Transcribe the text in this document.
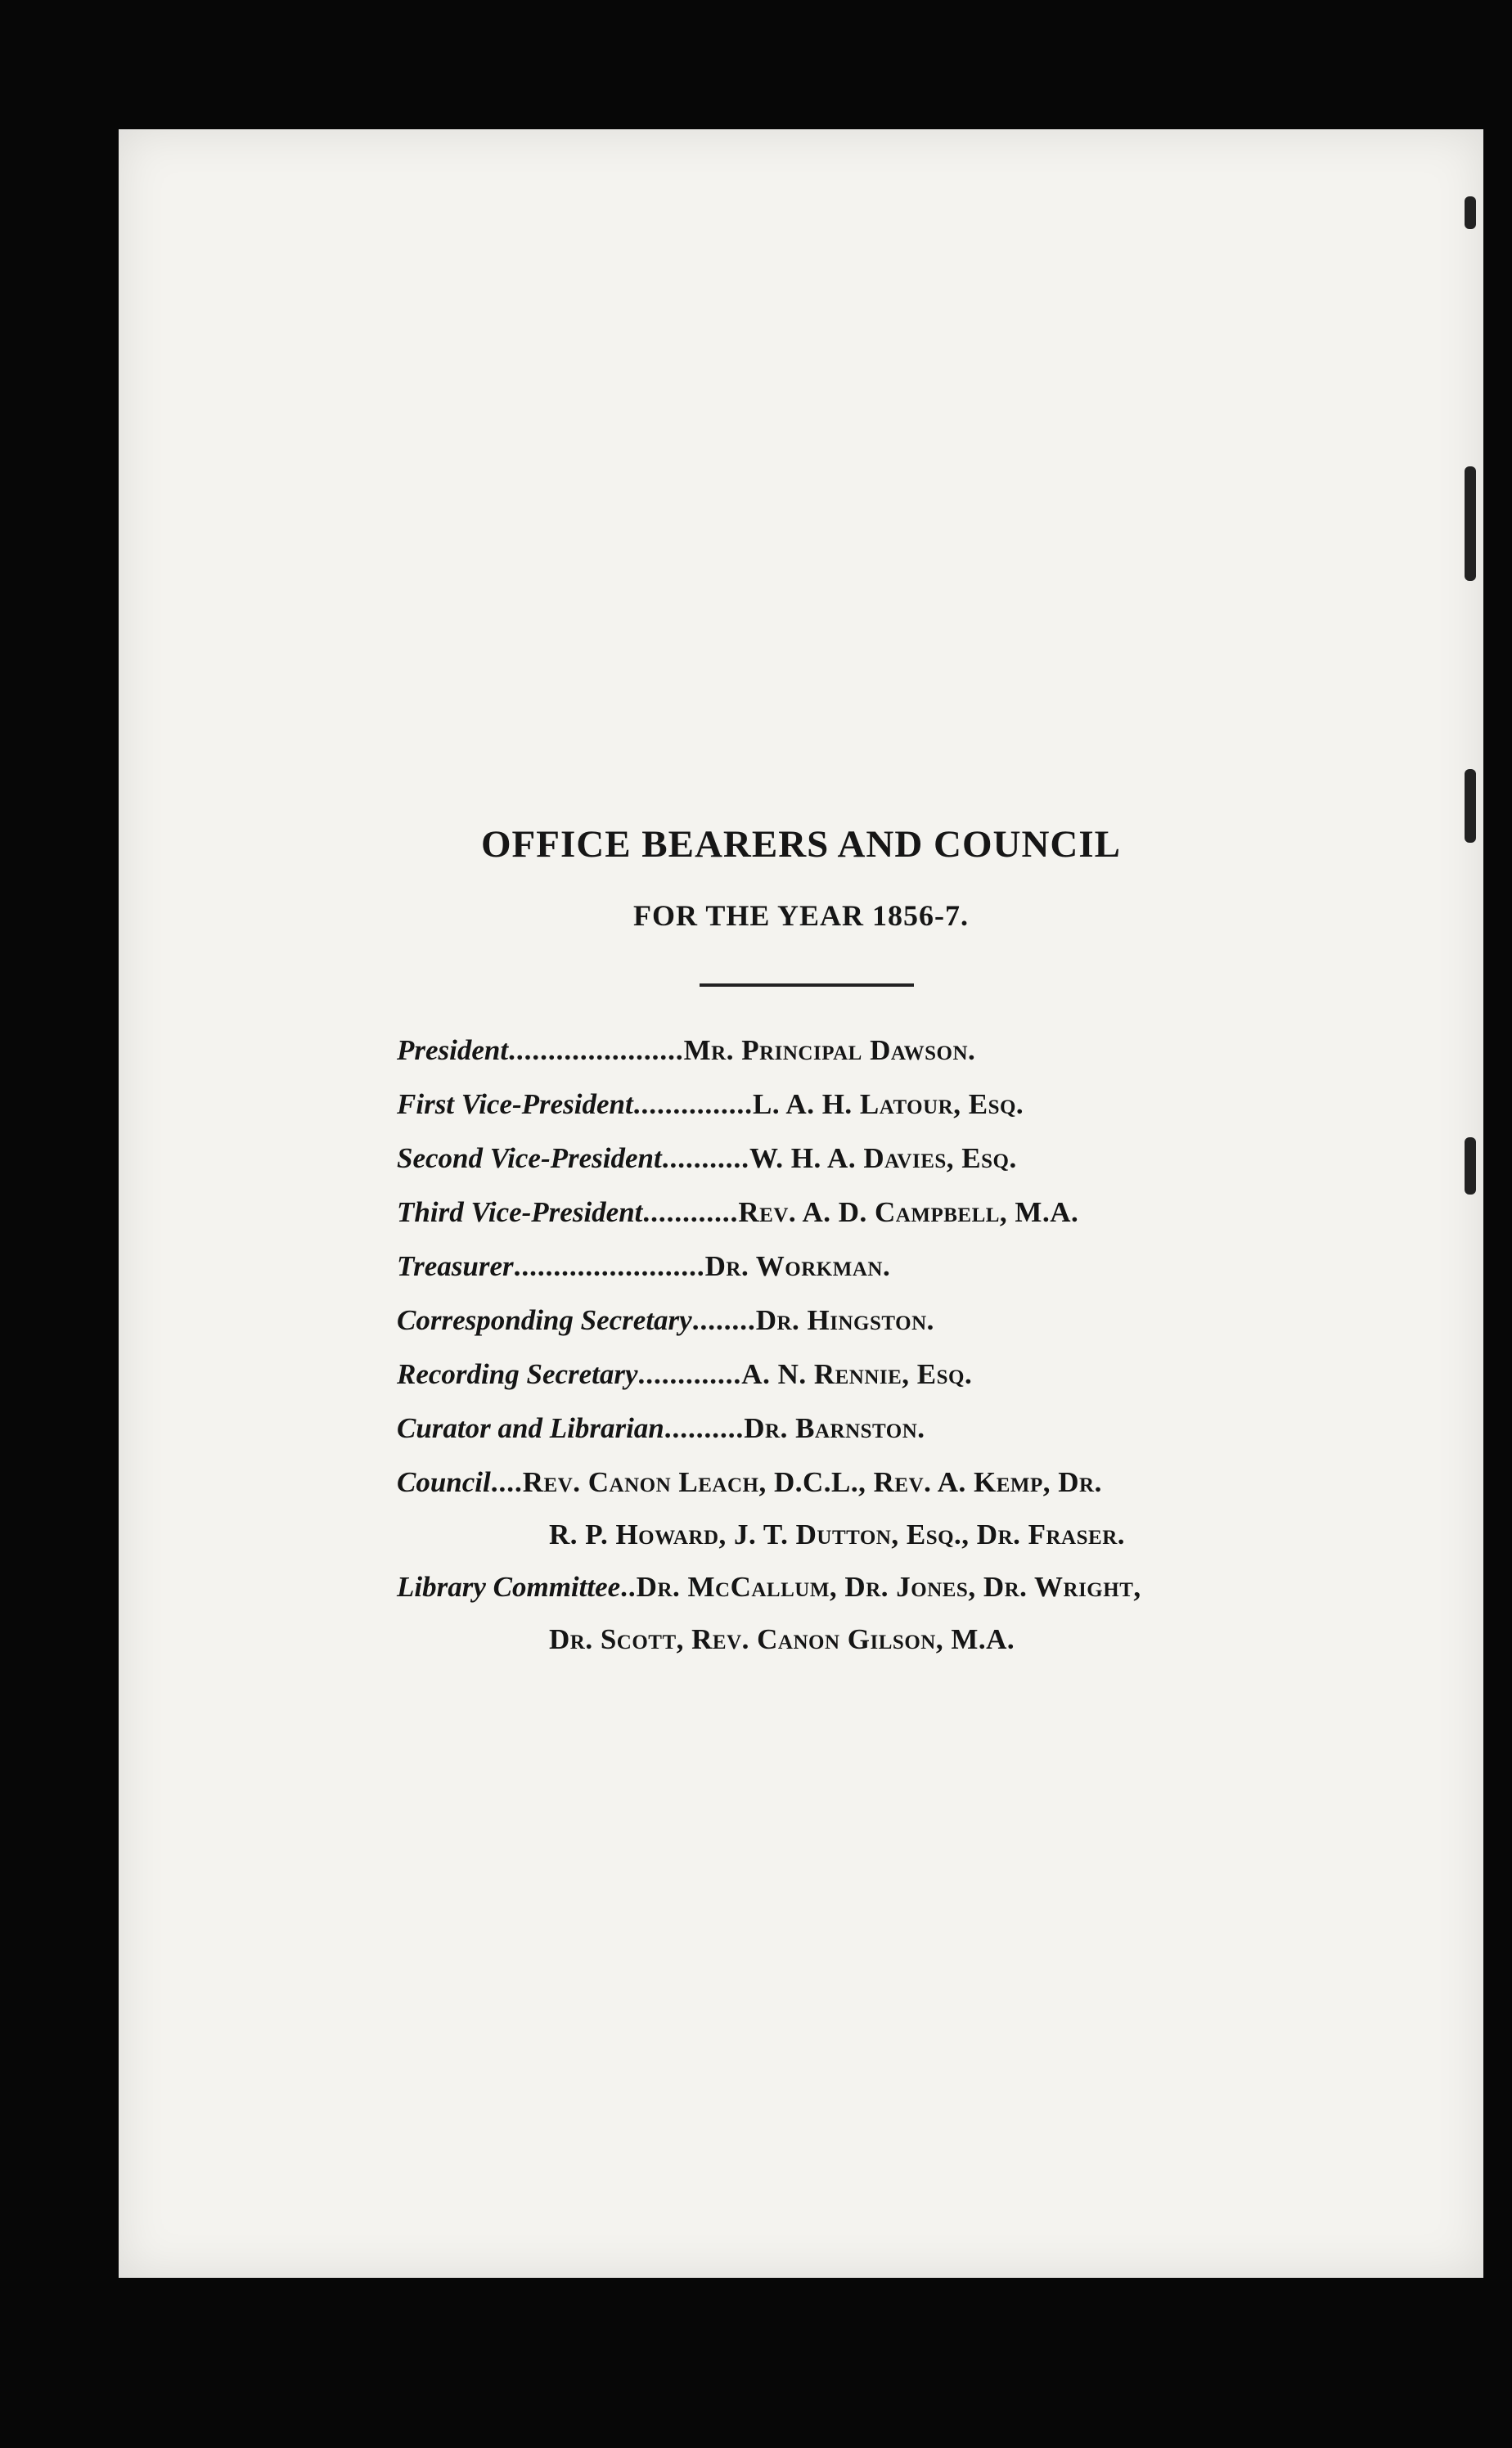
OFFICE BEARERS AND COUNCIL
FOR THE YEAR 1856-7.
President ...................... Mr. Principal Dawson.
First Vice-President ............... L. A. H. Latour, Esq.
Second Vice-President ........... W. H. A. Davies, Esq.
Third Vice-President ............ Rev. A. D. Campbell, M.A.
Treasurer ........................ Dr. Workman.
Corresponding Secretary ........ Dr. Hingston.
Recording Secretary ............. A. N. Rennie, Esq.
Curator and Librarian .......... Dr. Barnston.
Council .... Rev. Canon Leach, D.C.L., Rev. A. Kemp, Dr.
R. P. Howard, J. T. Dutton, Esq., Dr. Fraser.
Library Committee .. Dr. McCallum, Dr. Jones, Dr. Wright,
Dr. Scott, Rev. Canon Gilson, M.A.
